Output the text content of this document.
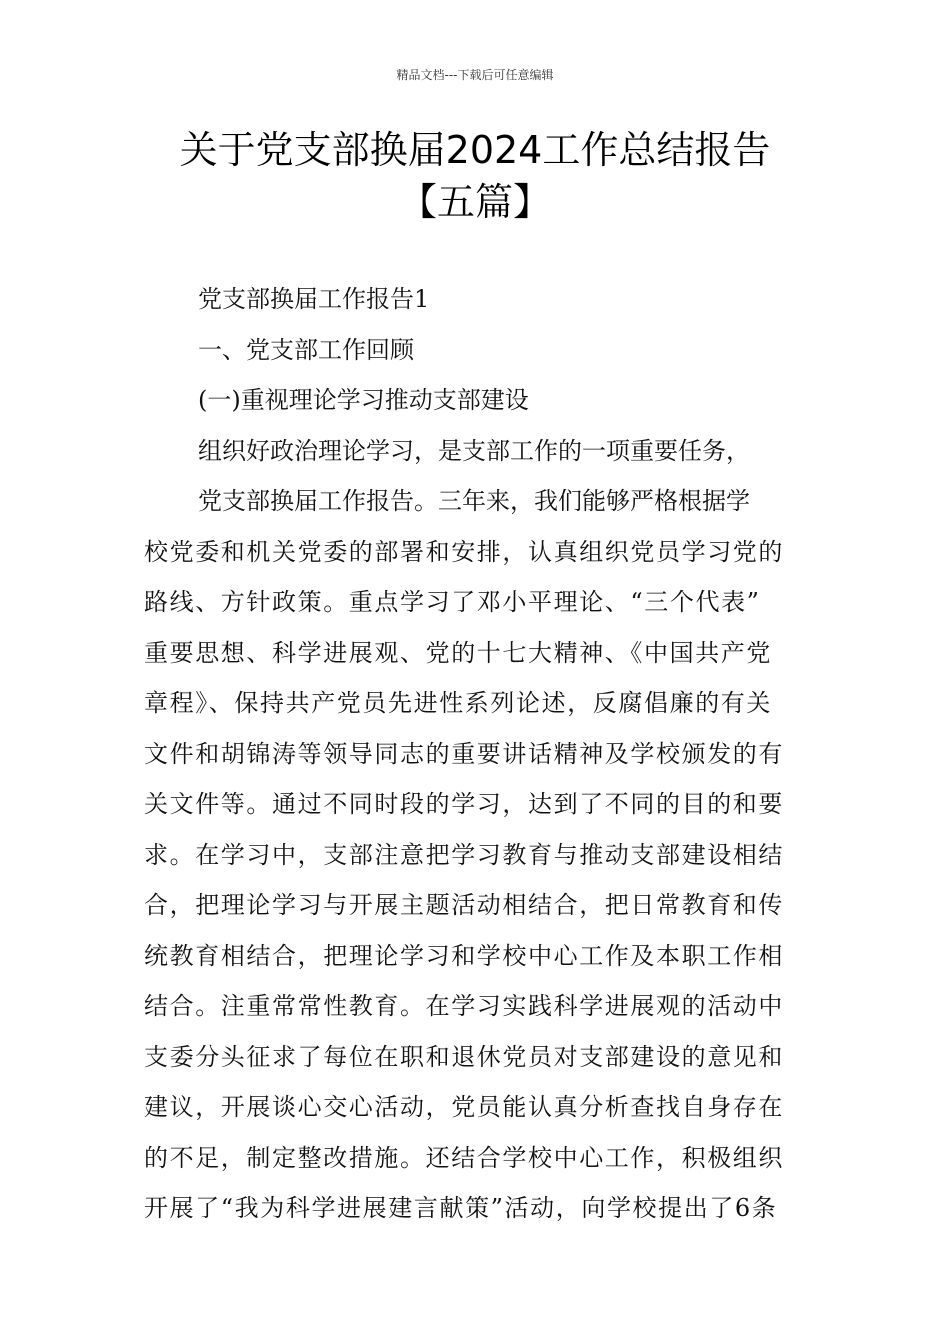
精品文档---下载后可任意编辑
关于党支部换届2024工作总结报告
【五篇】

党支部换届工作报告1

一、党支部工作回顾

(一)重视理论学习推动支部建设

组织好政治理论学习，是支部工作的一项重要任务，

党支部换届工作报告。三年来，我们能够严格根据学

校党委和机关党委的部署和安排，认真组织党员学习党的

路线、方针政策。重点学习了邓小平理论、“三个代表”

重要思想、科学进展观、党的十七大精神、《中国共产党

章程》、保持共产党员先进性系列论述，反腐倡廉的有关

文件和胡锦涛等领导同志的重要讲话精神及学校颁发的有

关文件等。通过不同时段的学习，达到了不同的目的和要

求。在学习中，支部注意把学习教育与推动支部建设相结

合，把理论学习与开展主题活动相结合，把日常教育和传

统教育相结合，把理论学习和学校中心工作及本职工作相

结合。注重常常性教育。在学习实践科学进展观的活动中

支委分头征求了每位在职和退休党员对支部建设的意见和

建议，开展谈心交心活动，党员能认真分析查找自身存在

的不足，制定整改措施。还结合学校中心工作，积极组织

开展了“我为科学进展建言献策”活动，向学校提出了6条
